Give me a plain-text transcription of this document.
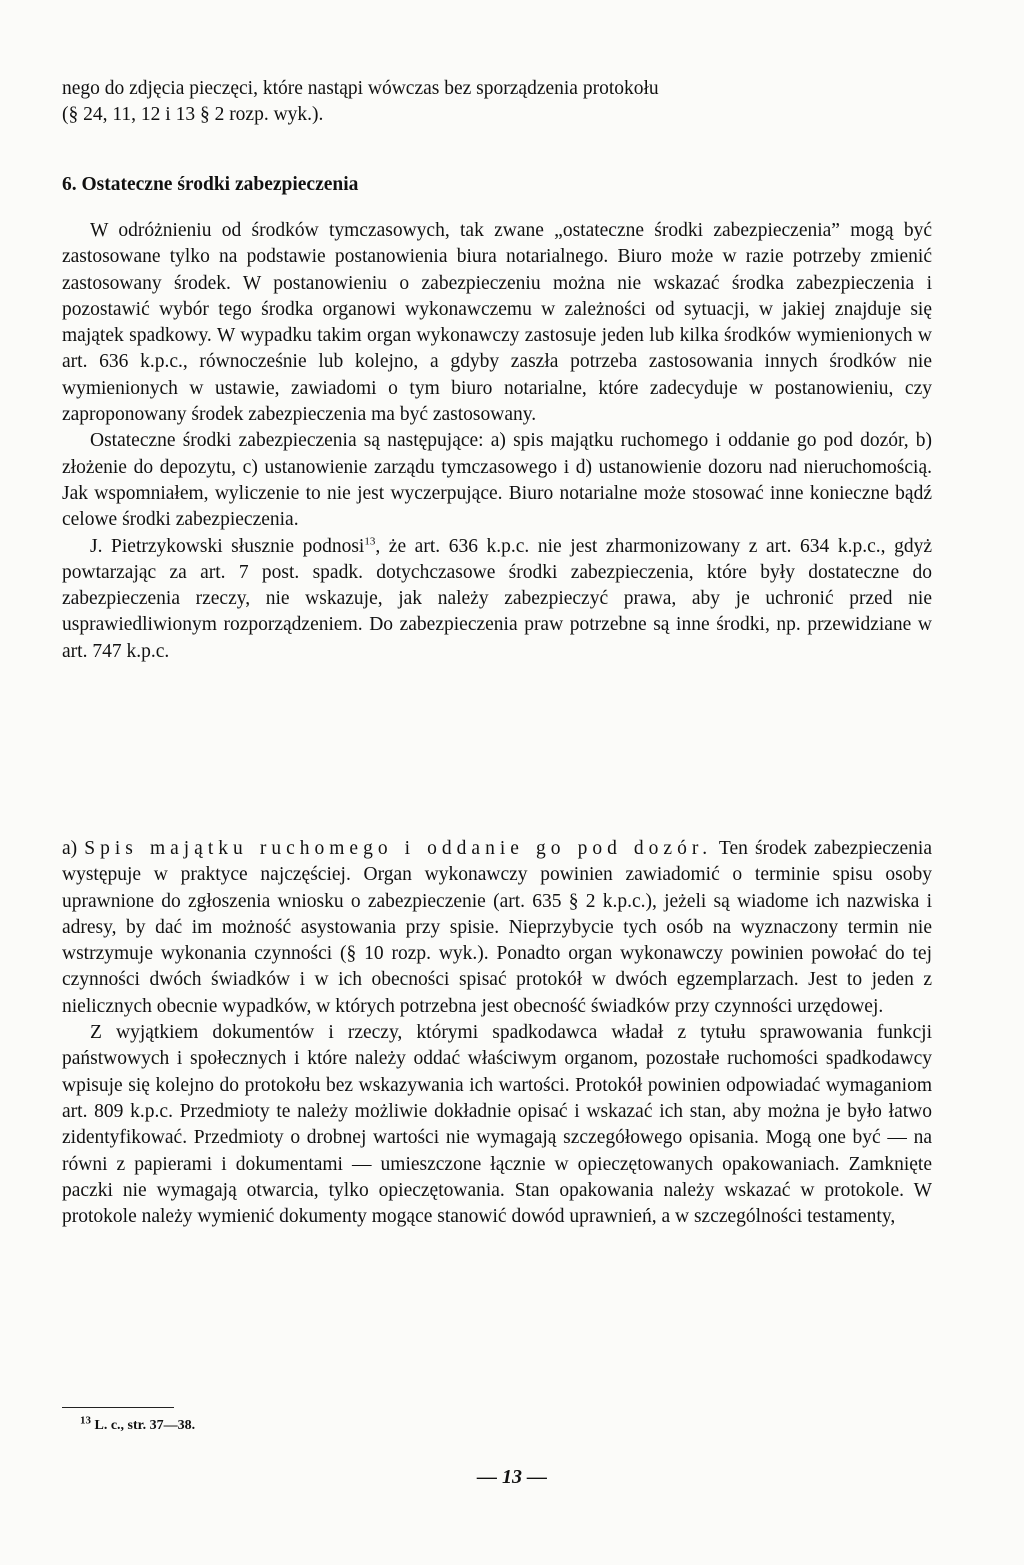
nego do zdjęcia pieczęci, które nastąpi wówczas bez sporządzenia protokołu
(§ 24, 11, 12 i 13 § 2 rozp. wyk.).
6. Ostateczne środki zabezpieczenia

W odróżnieniu od środków tymczasowych, tak zwane „ostateczne środki zabezpieczenia” mogą być zastosowane tylko na podstawie postanowienia biura notarialnego. Biuro może w razie potrzeby zmienić zastosowany środek. W postanowieniu o zabezpieczeniu można nie wskazać środka zabezpieczenia i pozostawić wybór tego środka organowi wykonawczemu w zależności od sytuacji, w jakiej znajduje się majątek spadkowy. W wypadku takim organ wykonawczy zastosuje jeden lub kilka środków wymienionych w art. 636 k.p.c., równocześnie lub kolejno, a gdyby zaszła potrzeba zastosowania innych środków nie wymienionych w ustawie, zawiadomi o tym biuro notarialne, które zadecyduje w postanowieniu, czy zaproponowany środek zabezpieczenia ma być zastosowany.

Ostateczne środki zabezpieczenia są następujące: a) spis majątku ruchomego i oddanie go pod dozór, b) złożenie do depozytu, c) ustanowienie zarządu tymczasowego i d) ustanowienie dozoru nad nieruchomością. Jak wspomniałem, wyliczenie to nie jest wyczerpujące. Biuro notarialne może stosować inne konieczne bądź celowe środki zabezpieczenia.

J. Pietrzykowski słusznie podnosi$^{13}$, że art. 636 k.p.c. nie jest zharmonizowany z art. 634 k.p.c., gdyż powtarzając za art. 7 post. spadk. dotychczasowe środki zabezpieczenia, które były dostateczne do zabezpieczenia rzeczy, nie wskazuje, jak należy zabezpieczyć prawa, aby je uchronić przed nie usprawiedliwionym rozporządzeniem. Do zabezpieczenia praw potrzebne są inne środki, np. przewidziane w art. 747 k.p.c.

a) Spis majątku ruchomego i oddanie go pod dozór. Ten środek zabezpieczenia występuje w praktyce najczęściej. Organ wykonawczy powinien zawiadomić o terminie spisu osoby uprawnione do zgłoszenia wniosku o zabezpieczenie (art. 635 § 2 k.p.c.), jeżeli są wiadome ich nazwiska i adresy, by dać im możność asystowania przy spisie. Nieprzybycie tych osób na wyznaczony termin nie wstrzymuje wykonania czynności (§ 10 rozp. wyk.). Ponadto organ wykonawczy powinien powołać do tej czynności dwóch świadków i w ich obecności spisać protokół w dwóch egzemplarzach. Jest to jeden z nielicznych obecnie wypadków, w których potrzebna jest obecność świadków przy czynności urzędowej.

Z wyjątkiem dokumentów i rzeczy, którymi spadkodawca władał z tytułu sprawowania funkcji państwowych i społecznych i które należy oddać właściwym organom, pozostałe ruchomości spadkodawcy wpisuje się kolejno do protokołu bez wskazywania ich wartości. Protokół powinien odpowiadać wymaganiom art. 809 k.p.c. Przedmioty te należy możliwie dokładnie opisać i wskazać ich stan, aby można je było łatwo zidentyfikować. Przedmioty o drobnej wartości nie wymagają szczegółowego opisania. Mogą one być — na równi z papierami i dokumentami — umieszczone łącznie w opieczętowanych opakowaniach. Zamknięte paczki nie wymagają otwarcia, tylko opieczętowania. Stan opakowania należy wskazać w protokole. W protokole należy wymienić dokumenty mogące stanowić dowód uprawnień, a w szczególności testamenty,

$^{13}$ L. c., str. 37—38.
— 13 —
